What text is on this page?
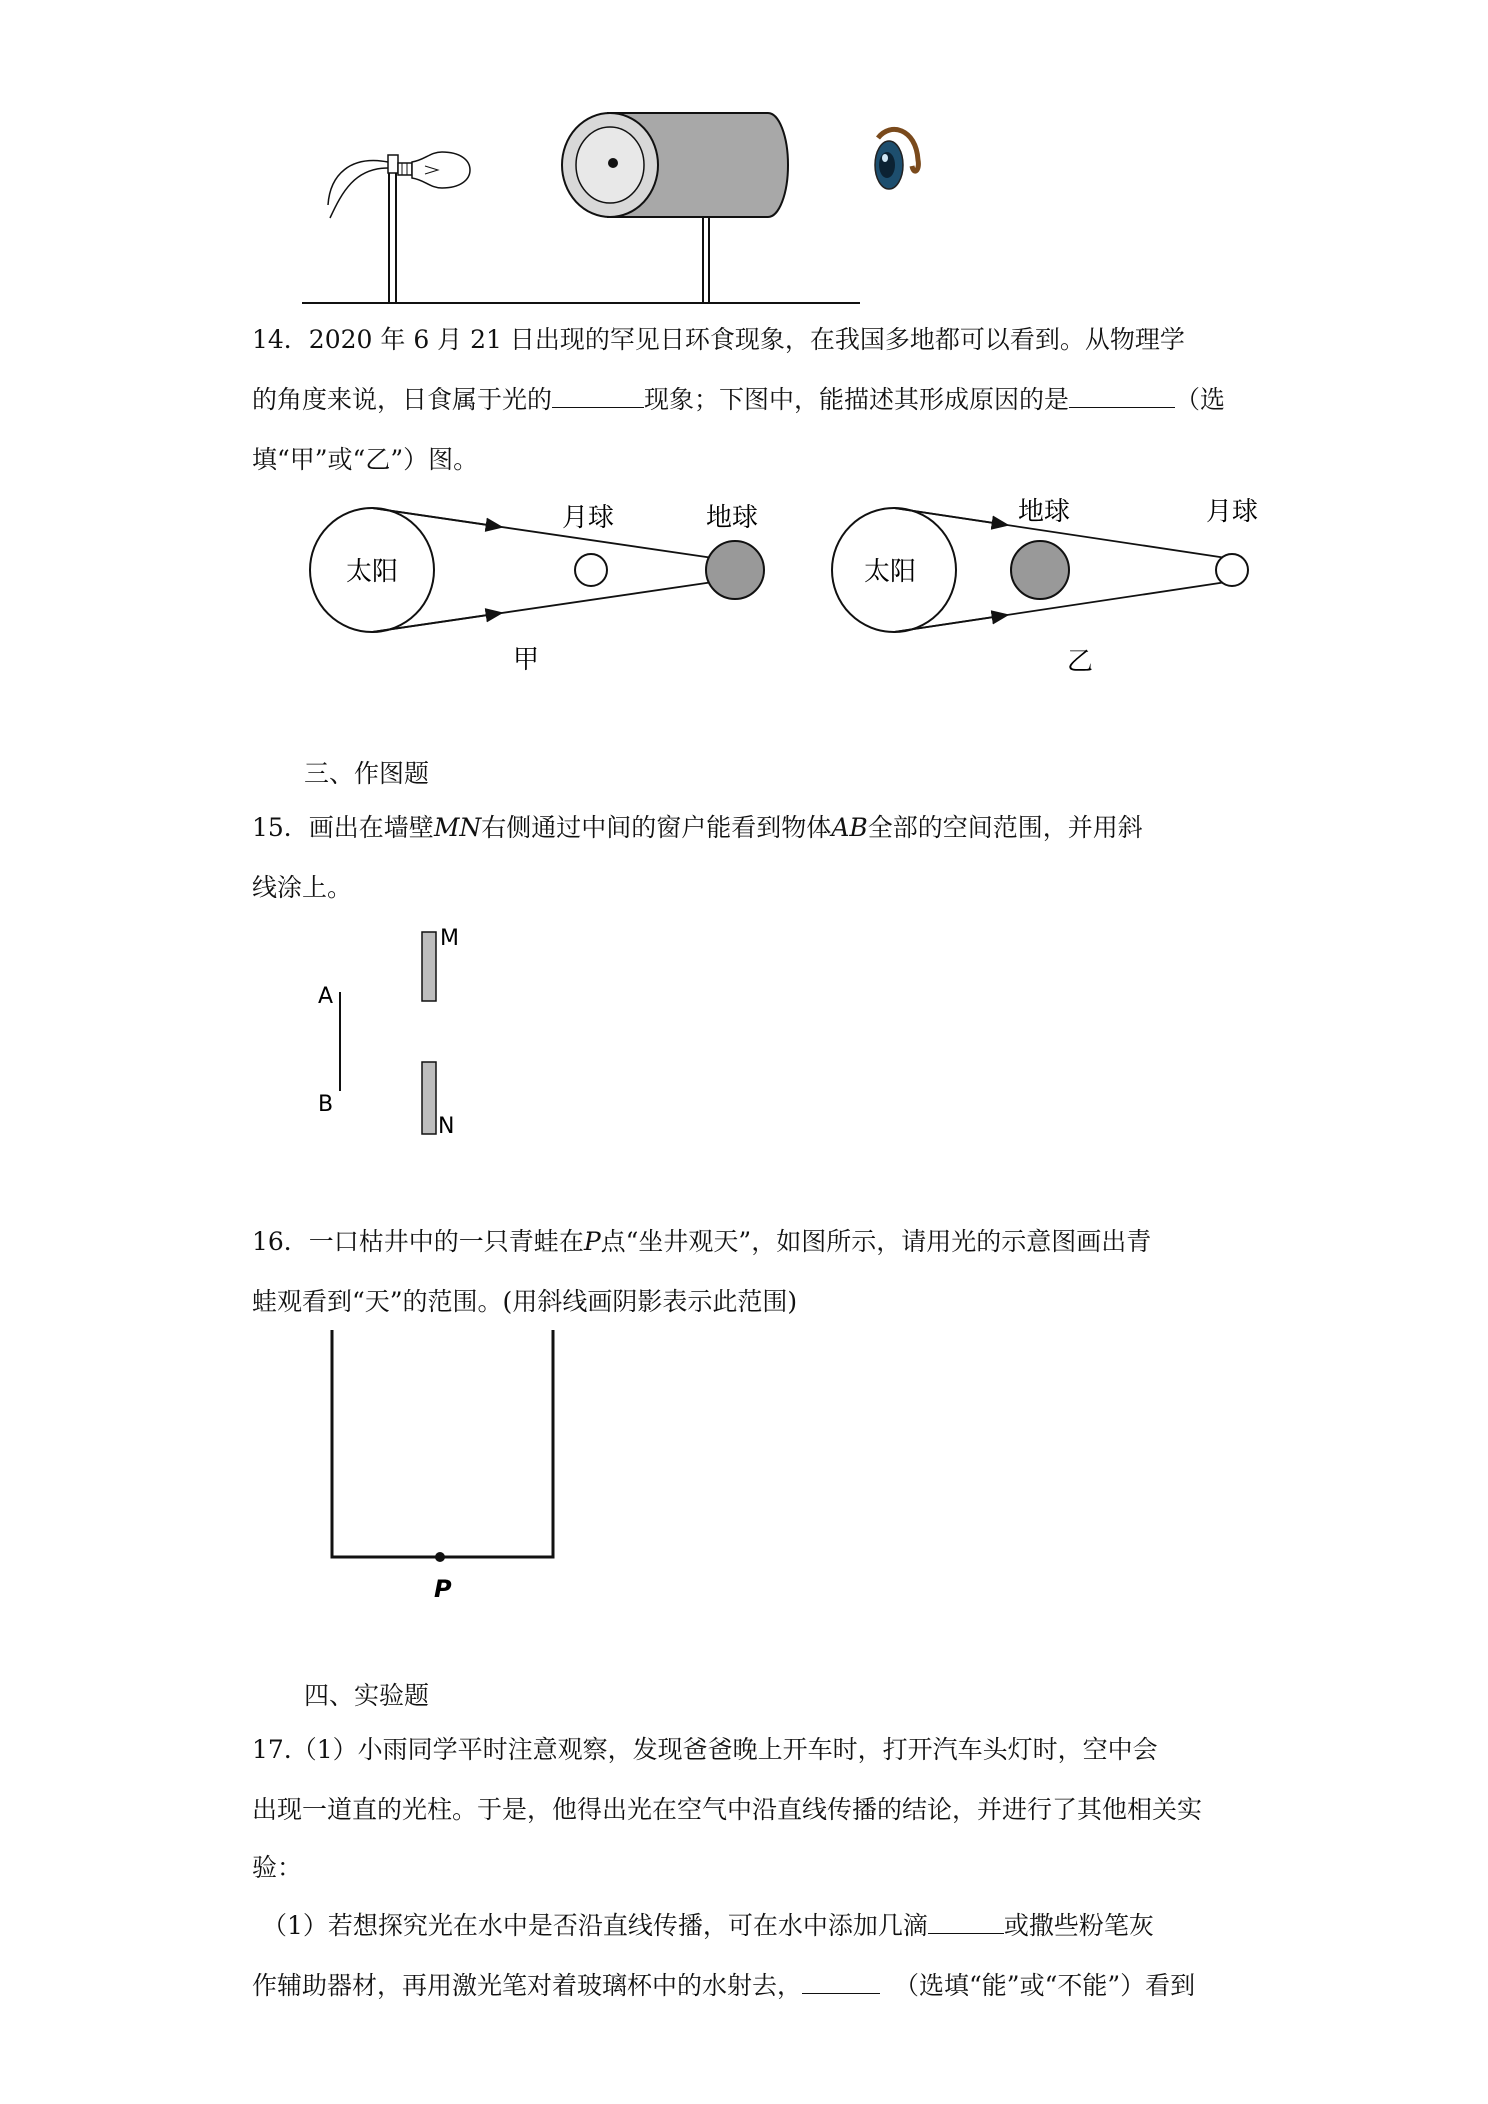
14．2020 年 6 月 21 日出现的罕见日环食现象，在我国多地都可以看到。从物理学
的角度来说，日食属于光的	现象；下图中，能描述其形成原因的是	（选
填“甲”或“乙”）图。
太阳
月球	地球
甲
太阳
地球	月球
乙
三、作图题
15．画出在墙壁MN右侧通过中间的窗户能看到物体AB全部的空间范围，并用斜
线涂上。
A
B
M
N
16．一口枯井中的一只青蛙在P点“坐井观天”，如图所示，请用光的示意图画出青
蛙观看到“天”的范围。(用斜线画阴影表示此范围)
P
四、实验题
17.（1）小雨同学平时注意观察，发现爸爸晚上开车时，打开汽车头灯时，空中会
出现一道直的光柱。于是，他得出光在空气中沿直线传播的结论，并进行了其他相关实
验：
（1）若想探究光在水中是否沿直线传播，可在水中添加几滴	或撒些粉笔灰
作辅助器材，再用激光笔对着玻璃杯中的水射去，	（选填“能”或“不能”）看到
